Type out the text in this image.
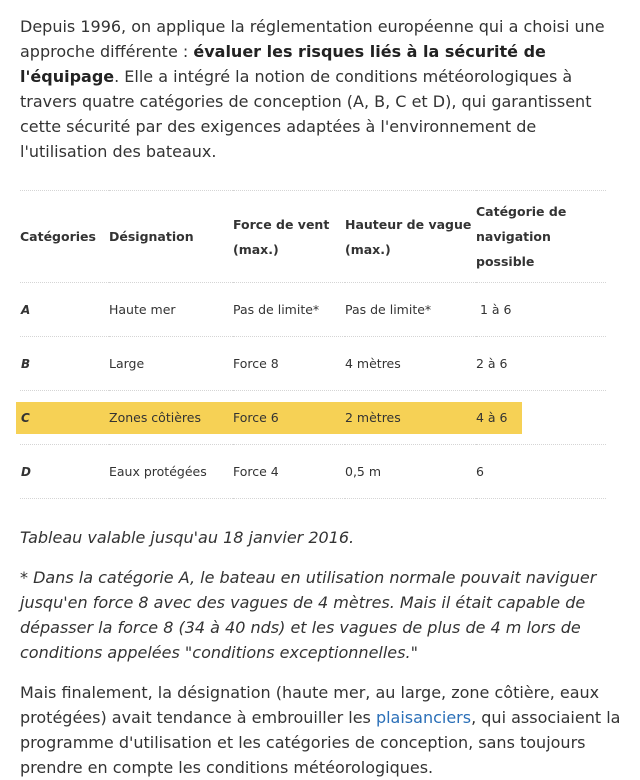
Depuis 1996, on applique la réglementation européenne qui a choisi une approche différente : évaluer les risques liés à la sécurité de l'équipage. Elle a intégré la notion de conditions météorologiques à travers quatre catégories de conception (A, B, C et D), qui garantissent cette sécurité par des exigences adaptées à l'environnement de l'utilisation des bateaux.

Catégories	Désignation	Force de vent (max.)	Hauteur de vague (max.)	Catégorie de navigation possible
A	Haute mer	Pas de limite*	Pas de limite*	1 à 6
B	Large	Force 8	4 mètres	2 à 6
C	Zones côtières	Force 6	2 mètres	4 à 6
D	Eaux protégées	Force 4	0,5 m	6

Tableau valable jusqu'au 18 janvier 2016.

* Dans la catégorie A, le bateau en utilisation normale pouvait naviguer jusqu'en force 8 avec des vagues de 4 mètres. Mais il était capable de dépasser la force 8 (34 à 40 nds) et les vagues de plus de 4 m lors de conditions appelées "conditions exceptionnelles."

Mais finalement, la désignation (haute mer, au large, zone côtière, eaux protégées) avait tendance à embrouiller les plaisanciers, qui associaient la programme d'utilisation et les catégories de conception, sans toujours prendre en compte les conditions météorologiques.
